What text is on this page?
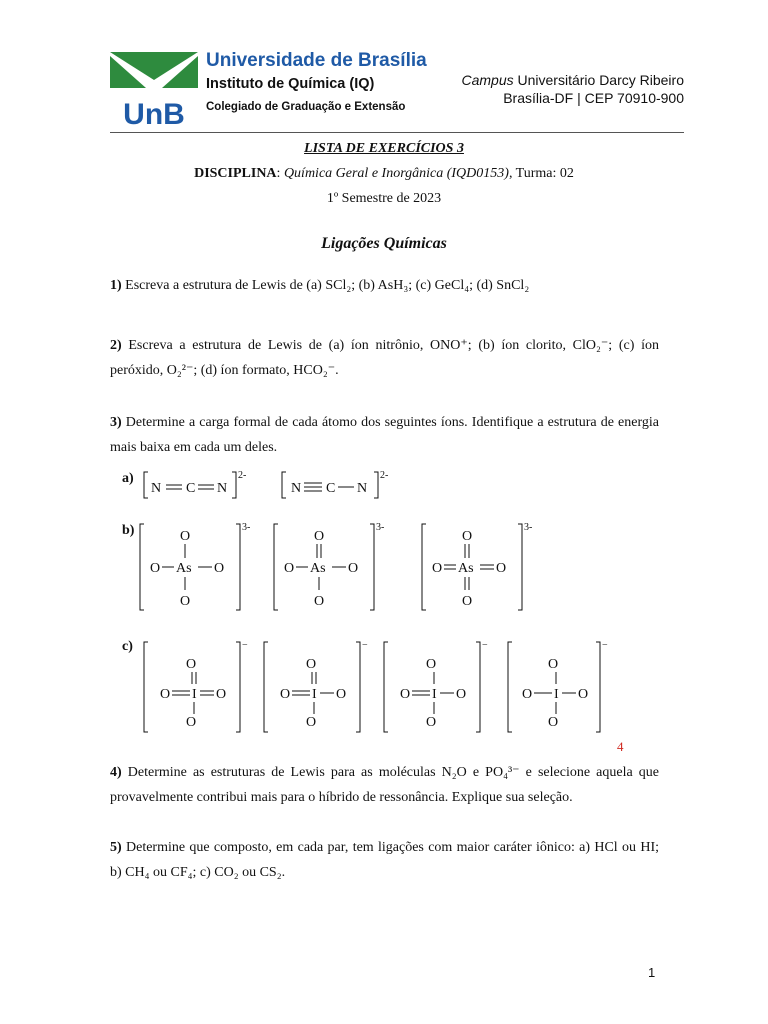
UnB
Universidade de Brasília
Instituto de Química (IQ)
Colegiado de Graduação e Extensão
Campus Universitário Darcy Ribeiro
Brasília-DF | CEP 70910-900
LISTA DE EXERCÍCIOS 3
DISCIPLINA: Química Geral e Inorgânica (IQD0153), Turma: 02
1º Semestre de 2023
Ligações Químicas
1) Escreva a estrutura de Lewis de (a) SCl₂; (b) AsH₃; (c) GeCl₄; (d) SnCl₂
2) Escreva a estrutura de Lewis de (a) íon nitrônio, ONO⁺; (b) íon clorito, ClO₂⁻; (c) íon peróxido, O₂²⁻; (d) íon formato, HCO₂⁻.
3) Determine a carga formal de cada átomo dos seguintes íons. Identifique a estrutura de energia mais baixa em cada um deles.
a)
b)
c)
N C N
2-
N C N
2-
O
As
O	O
O
3-
O
As
O	O
O
3-
O
As
O	O
O
3-
O
I
O	O
O
−
O
I
O	O
O
−
O
I
O	O
O
−
O
I
O	O
O
−
4
4) Determine as estruturas de Lewis para as moléculas N₂O e PO₄³⁻ e selecione aquela que provavelmente contribui mais para o híbrido de ressonância. Explique sua seleção.
5) Determine que composto, em cada par, tem ligações com maior caráter iônico: a) HCl ou HI; b) CH₄ ou CF₄; c) CO₂ ou CS₂.
1
